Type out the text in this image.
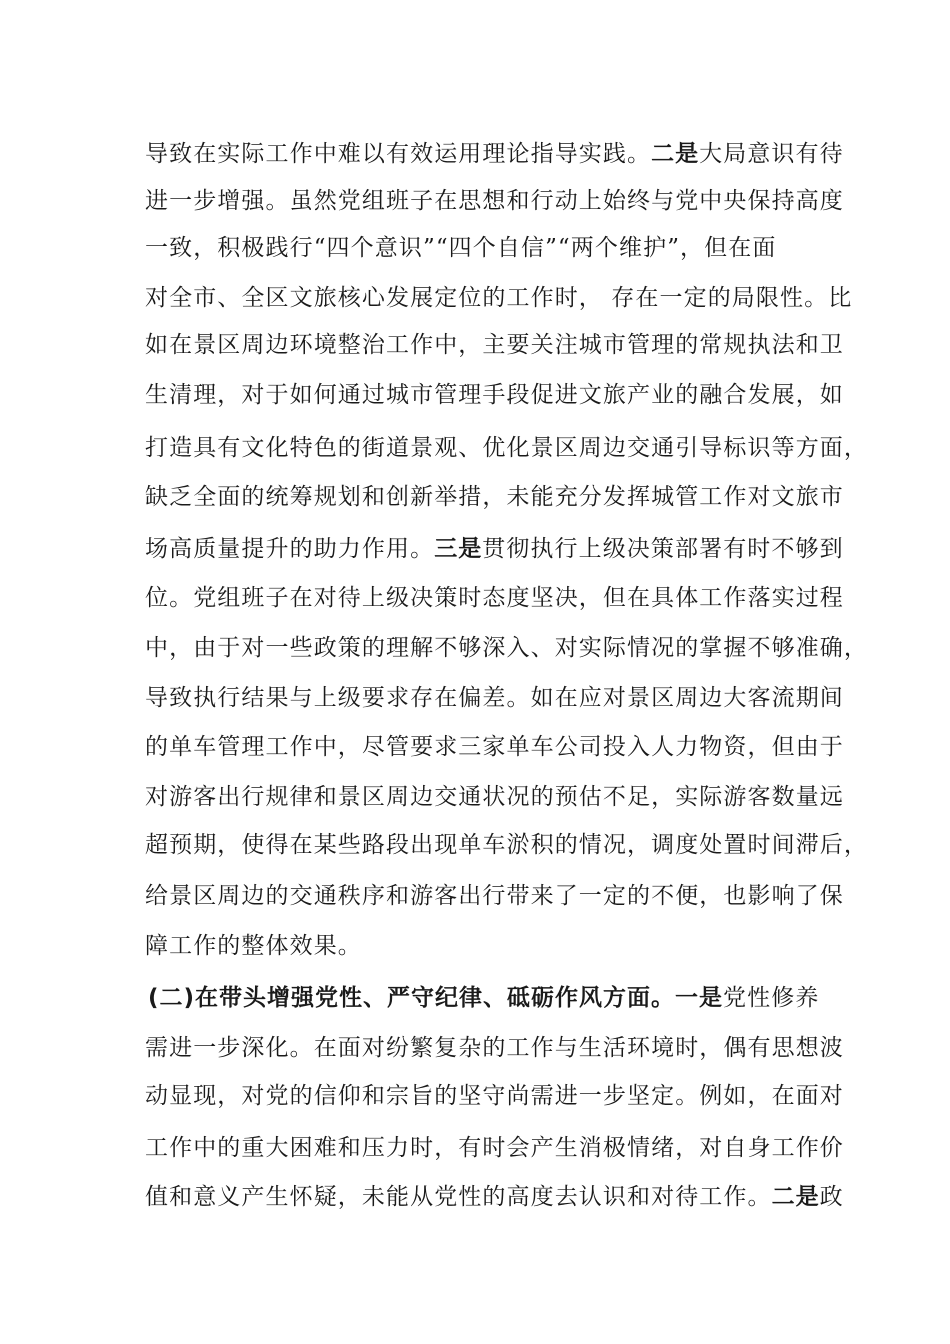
导致在实际工作中难以有效运用理论指导实践。二是大局意识有待
进一步增强。虽然党组班子在思想和行动上始终与党中央保持高度
一致，积极践行“四个意识”“四个自信”“两个维护”，但在面
对全市、全区文旅核心发展定位的工作时， 存在一定的局限性。比
如在景区周边环境整治工作中，主要关注城市管理的常规执法和卫
生清理，对于如何通过城市管理手段促进文旅产业的融合发展，如
打造具有文化特色的街道景观、优化景区周边交通引导标识等方面，
缺乏全面的统筹规划和创新举措，未能充分发挥城管工作对文旅市
场高质量提升的助力作用。三是贯彻执行上级决策部署有时不够到
位。党组班子在对待上级决策时态度坚决，但在具体工作落实过程
中，由于对一些政策的理解不够深入、对实际情况的掌握不够准确，
导致执行结果与上级要求存在偏差。如在应对景区周边大客流期间
的单车管理工作中，尽管要求三家单车公司投入人力物资，但由于
对游客出行规律和景区周边交通状况的预估不足，实际游客数量远
超预期，使得在某些路段出现单车淤积的情况，调度处置时间滞后，
给景区周边的交通秩序和游客出行带来了一定的不便，也影响了保
障工作的整体效果。
(二)在带头增强党性、严守纪律、砥砺作风方面。一是党性修养
需进一步深化。在面对纷繁复杂的工作与生活环境时，偶有思想波
动显现，对党的信仰和宗旨的坚守尚需进一步坚定。例如，在面对
工作中的重大困难和压力时，有时会产生消极情绪，对自身工作价
值和意义产生怀疑，未能从党性的高度去认识和对待工作。二是政
